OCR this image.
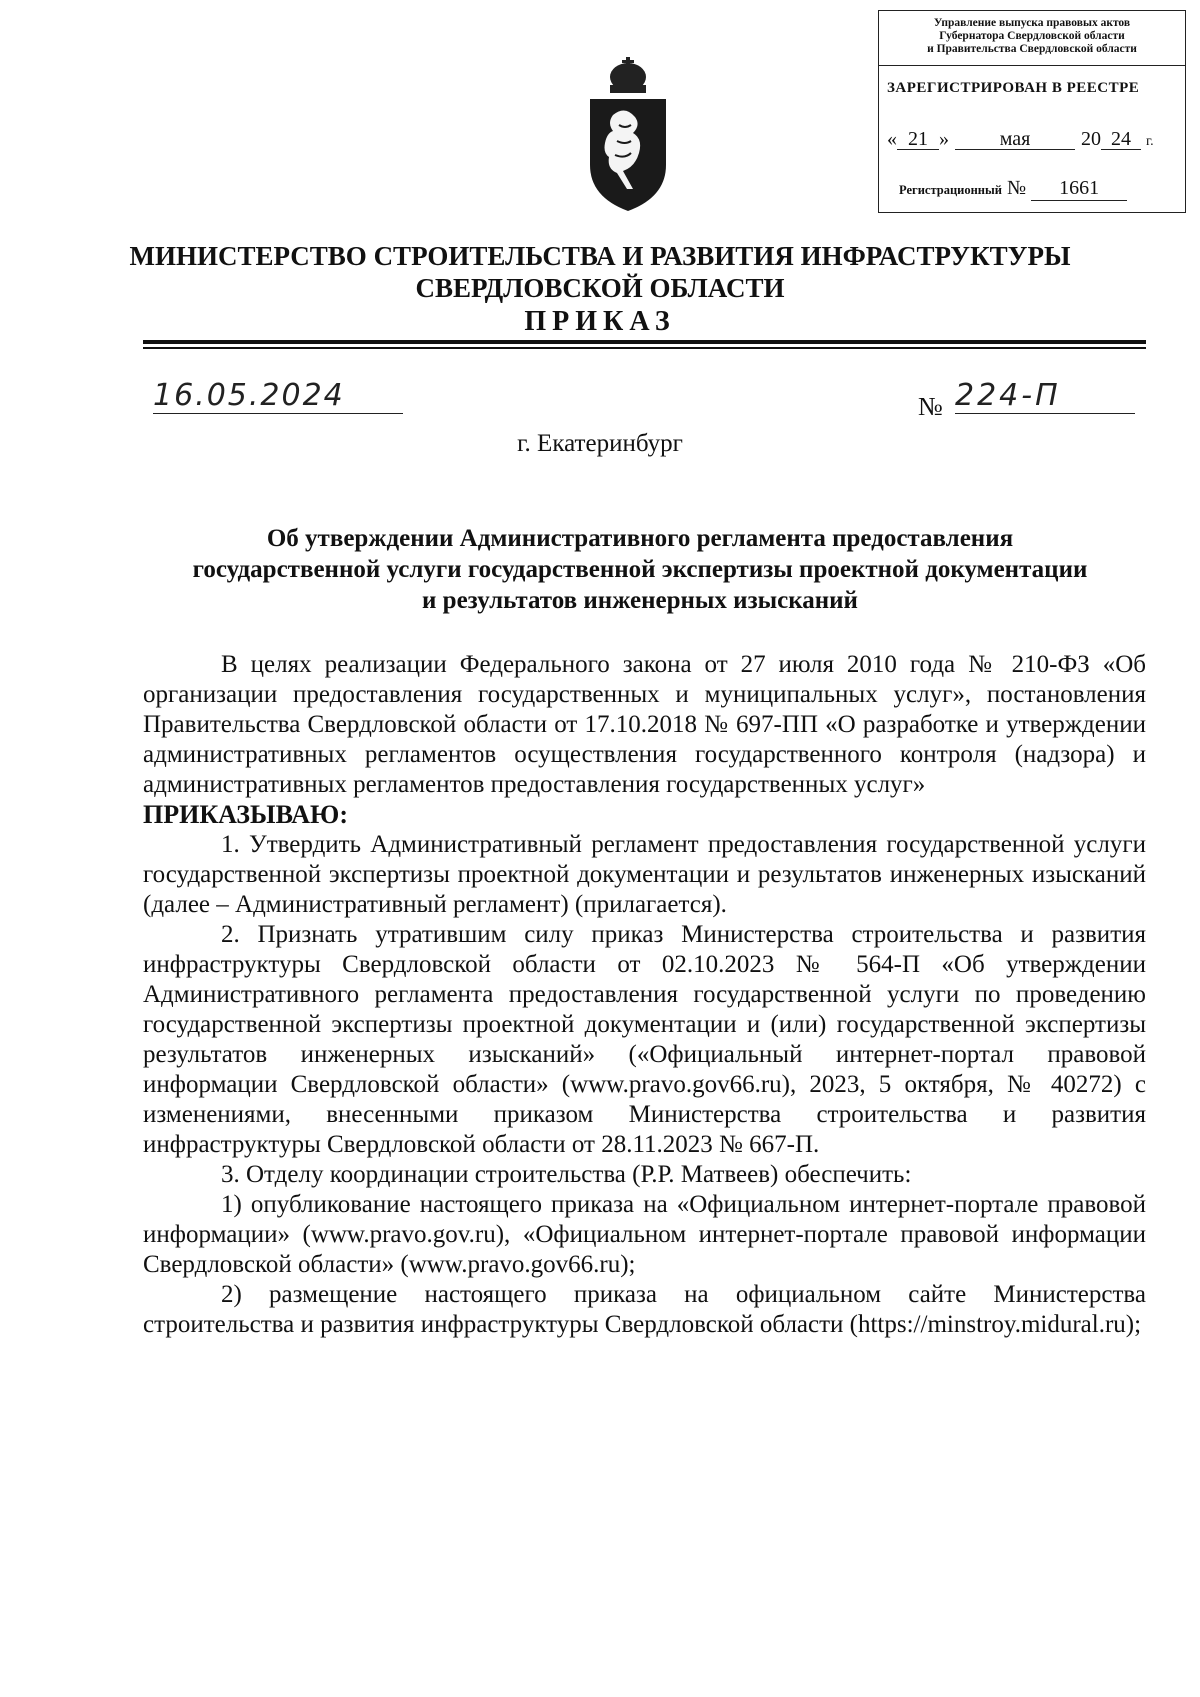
Управление выпуска правовых актов
Губернатора Свердловской области
и Правительства Свердловской области
ЗАРЕГИСТРИРОВАН В РЕЕСТРЕ
« 21 »	мая	20 24 г.
Регистрационный № 1661
МИНИСТЕРСТВО СТРОИТЕЛЬСТВА И РАЗВИТИЯ ИНФРАСТРУКТУРЫ
СВЕРДЛОВСКОЙ ОБЛАСТИ
ПРИКАЗ
16.05.2024	№ 224-П
г. Екатеринбург
Об утверждении Административного регламента предоставления государственной услуги государственной экспертизы проектной документации и результатов инженерных изысканий

В целях реализации Федерального закона от 27 июля 2010 года № 210-ФЗ «Об организации предоставления государственных и муниципальных услуг», постановления Правительства Свердловской области от 17.10.2018 № 697-ПП «О разработке и утверждении административных регламентов осуществления государственного контроля (надзора) и административных регламентов предоставления государственных услуг»

ПРИКАЗЫВАЮ:

1. Утвердить Административный регламент предоставления государственной услуги государственной экспертизы проектной документации и результатов инженерных изысканий (далее – Административный регламент) (прилагается).

2. Признать утратившим силу приказ Министерства строительства и развития инфраструктуры Свердловской области от 02.10.2023 № 564-П «Об утверждении Административного регламента предоставления государственной услуги по проведению государственной экспертизы проектной документации и (или) государственной экспертизы результатов инженерных изысканий» («Официальный интернет-портал правовой информации Свердловской области» (www.pravo.gov66.ru), 2023, 5 октября, № 40272) с изменениями, внесенными приказом Министерства строительства и развития инфраструктуры Свердловской области от 28.11.2023 № 667-П.

3. Отделу координации строительства (Р.Р. Матвеев) обеспечить:

1) опубликование настоящего приказа на «Официальном интернет-портале правовой информации» (www.pravo.gov.ru), «Официальном интернет-портале правовой информации Свердловской области» (www.pravo.gov66.ru);

2) размещение настоящего приказа на официальном сайте Министерства строительства и развития инфраструктуры Свердловской области (https://minstroy.midural.ru);
